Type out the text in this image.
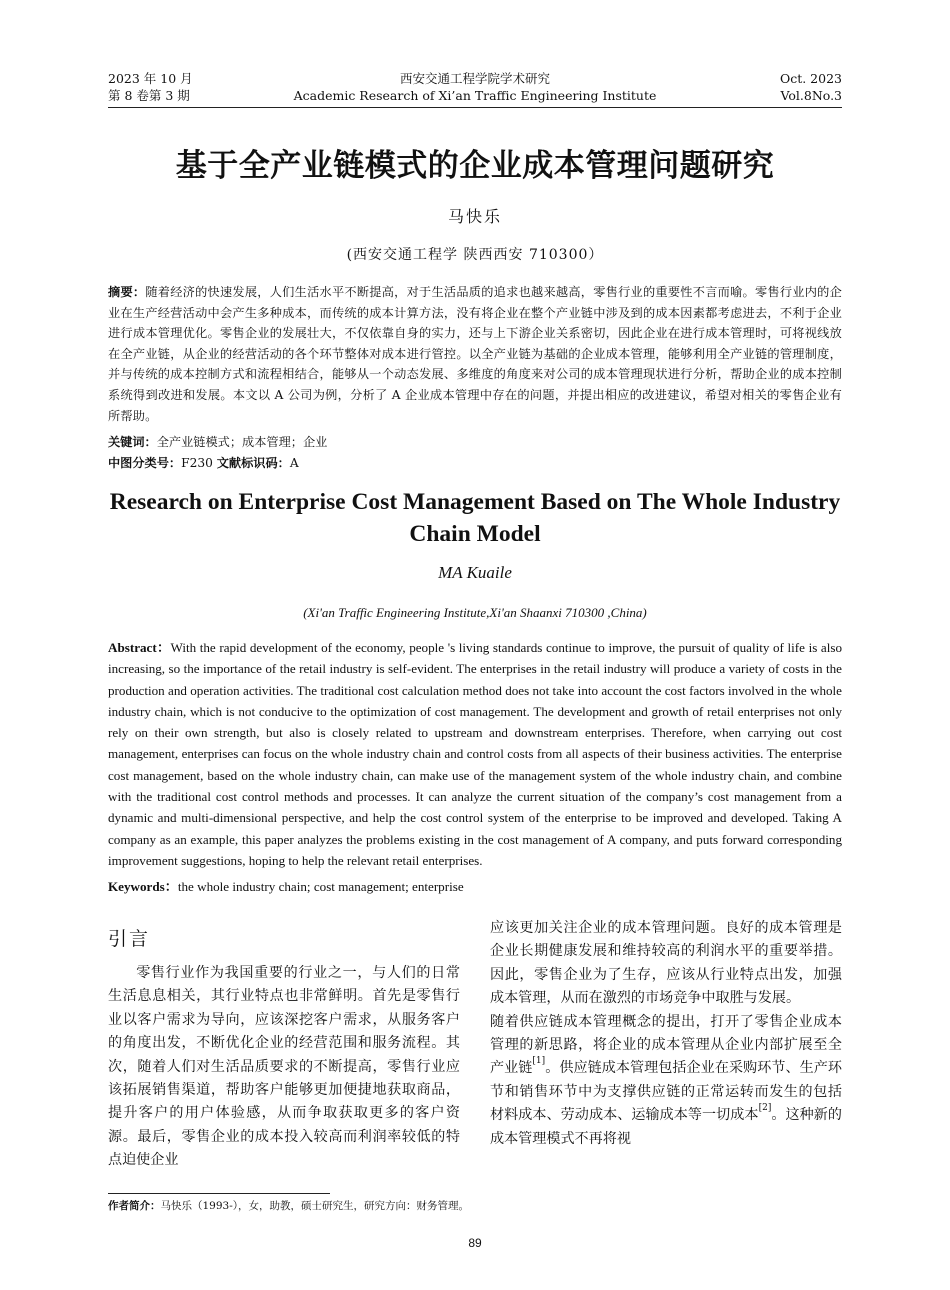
2023 年 10 月
第 8 卷第 3 期
西安交通工程学院学术研究
Academic Research of Xi’an Traffic Engineering Institute
Oct. 2023
Vol.8No.3
基于全产业链模式的企业成本管理问题研究
马快乐
(西安交通工程学 陕西西安 710300）
摘要：随着经济的快速发展，人们生活水平不断提高，对于生活品质的追求也越来越高，零售行业的重要性不言而喻。零售行业内的企业在生产经营活动中会产生多种成本，而传统的成本计算方法，没有将企业在整个产业链中涉及到的成本因素都考虑进去，不利于企业进行成本管理优化。零售企业的发展壮大，不仅依靠自身的实力，还与上下游企业关系密切，因此企业在进行成本管理时，可将视线放在全产业链，从企业的经营活动的各个环节整体对成本进行管控。以全产业链为基础的企业成本管理，能够利用全产业链的管理制度，并与传统的成本控制方式和流程相结合，能够从一个动态发展、多维度的角度来对公司的成本管理现状进行分析，帮助企业的成本控制系统得到改进和发展。本文以 A 公司为例，分析了 A 企业成本管理中存在的问题，并提出相应的改进建议，希望对相关的零售企业有所帮助。
关键词：全产业链模式；成本管理；企业
中图分类号：F230 文献标识码：A
Research on Enterprise Cost Management Based on The Whole Industry Chain Model
MA Kuaile
(Xi'an Traffic Engineering Institute,Xi'an Shaanxi 710300 ,China)
Abstract：With the rapid development of the economy, people 's living standards continue to improve, the pursuit of quality of life is also increasing, so the importance of the retail industry is self-evident. The enterprises in the retail industry will produce a variety of costs in the production and operation activities. The traditional cost calculation method does not take into account the cost factors involved in the whole industry chain, which is not conducive to the optimization of cost management. The development and growth of retail enterprises not only rely on their own strength, but also is closely related to upstream and downstream enterprises. Therefore, when carrying out cost management, enterprises can focus on the whole industry chain and control costs from all aspects of their business activities. The enterprise cost management, based on the whole industry chain, can make use of the management system of the whole industry chain, and combine with the traditional cost control methods and processes. It can analyze the current situation of the company’s cost management from a dynamic and multi-dimensional perspective, and help the cost control system of the enterprise to be improved and developed. Taking A company as an example, this paper analyzes the problems existing in the cost management of A company, and puts forward corresponding improvement suggestions, hoping to help the relevant retail enterprises.
Keywords：the whole industry chain; cost management; enterprise
引言

零售行业作为我国重要的行业之一，与人们的日常生活息息相关，其行业特点也非常鲜明。首先是零售行业以客户需求为导向，应该深挖客户需求，从服务客户的角度出发，不断优化企业的经营范围和服务流程。其次，随着人们对生活品质要求的不断提高，零售行业应该拓展销售渠道，帮助客户能够更加便捷地获取商品，提升客户的用户体验感，从而争取获取更多的客户资源。最后，零售企业的成本投入较高而利润率较低的特点迫使企业

应该更加关注企业的成本管理问题。良好的成本管理是企业长期健康发展和维持较高的利润水平的重要举措。因此，零售企业为了生存，应该从行业特点出发，加强成本管理，从而在激烈的市场竞争中取胜与发展。

随着供应链成本管理概念的提出，打开了零售企业成本管理的新思路，将企业的成本管理从企业内部扩展至全产业链[1]。供应链成本管理包括企业在采购环节、生产环节和销售环节中为支撑供应链的正常运转而发生的包括材料成本、劳动成本、运输成本等一切成本[2]。这种新的成本管理模式不再将视

作者简介：马快乐（1993-），女，助教，硕士研究生，研究方向：财务管理。
89
